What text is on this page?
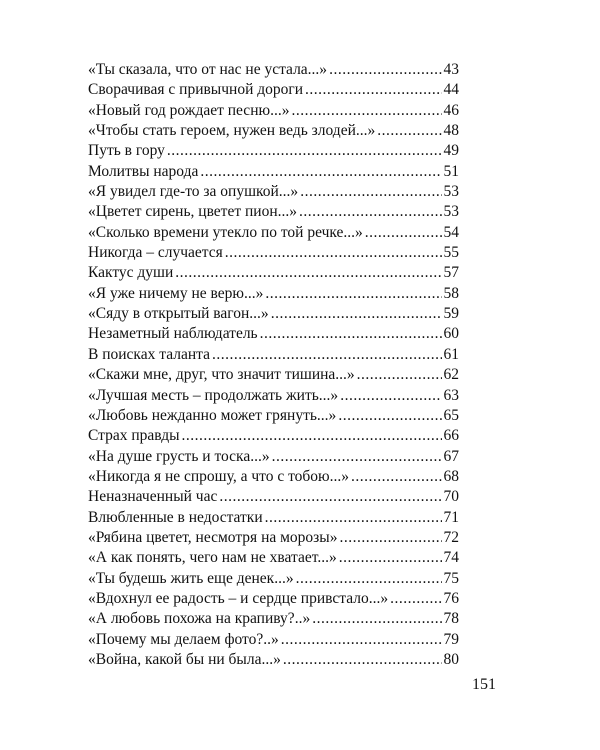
«Ты сказала, что от нас не устала...» .....	43
Сворачивая с привычной дороги .....	44
«Новый год рождает песню...» .....	46
«Чтобы стать героем, нужен ведь злодей...» .....	48
Путь в гору .....	49
Молитвы народа .....	51
«Я увидел где-то за опушкой...» .....	53
«Цветет сирень, цветет пион...» .....	53
«Сколько времени утекло по той речке...» .....	54
Никогда – случается .....	55
Кактус души .....	57
«Я уже ничему не верю...» .....	58
«Сяду в открытый вагон...» .....	59
Незаметный наблюдатель .....	60
В поисках таланта .....	61
«Скажи мне, друг, что значит тишина...» .....	62
«Лучшая месть – продолжать жить...» .....	63
«Любовь нежданно может грянуть...» .....	65
Страх правды .....	66
«На душе грусть и тоска...» .....	67
«Никогда я не спрошу, а что с тобою...» .....	68
Неназначенный час .....	70
Влюбленные в недостатки .....	71
«Рябина цветет, несмотря на морозы» .....	72
«А как понять, чего нам не хватает...» .....	74
«Ты будешь жить еще денек...» .....	75
«Вдохнул ее радость – и сердце привстало...» .....	76
«А любовь похожа на крапиву?..» .....	78
«Почему мы делаем фото?..» .....	79
«Война, какой бы ни была...» .....	80
151
